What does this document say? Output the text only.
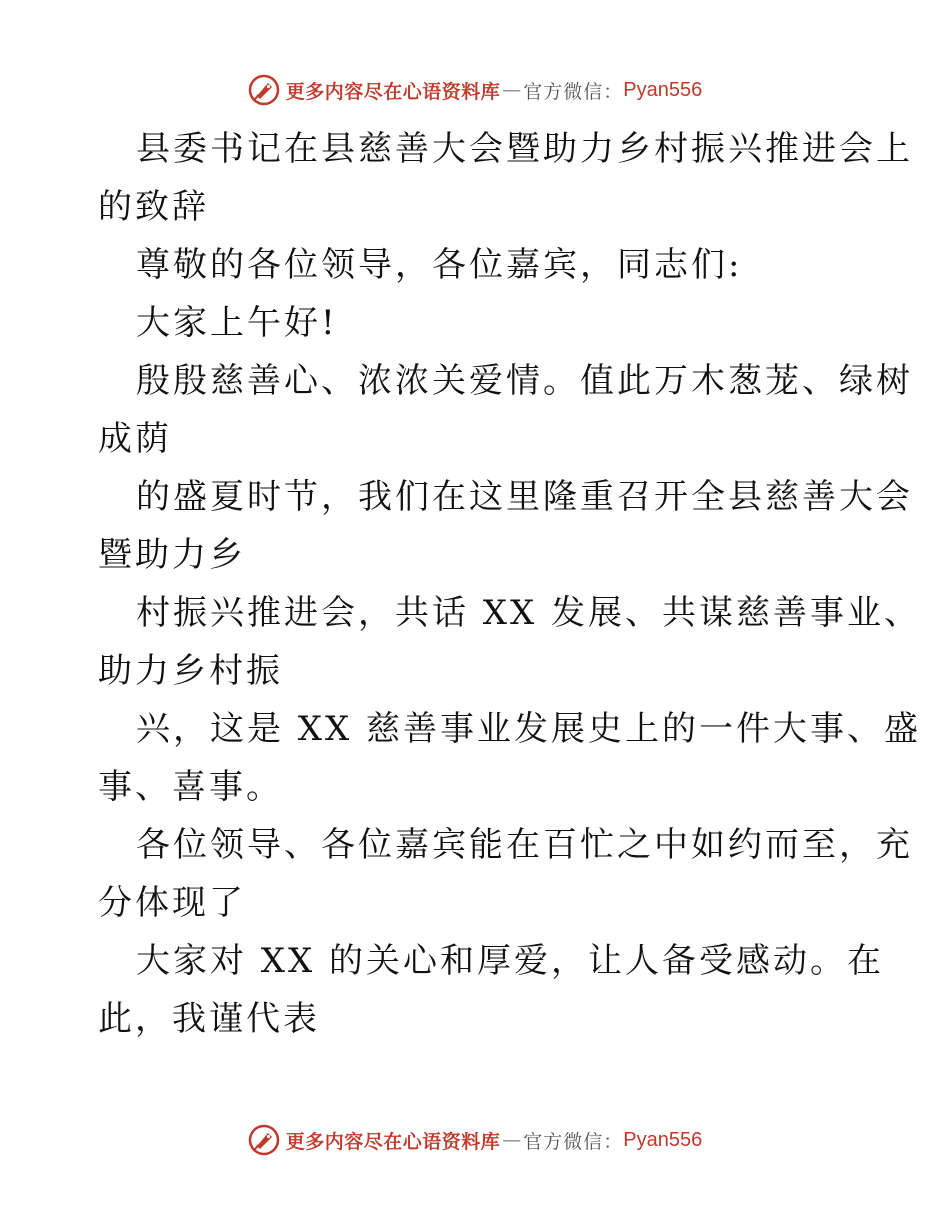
更多内容尽在心语资料库 — 官方微信： Pyan556
县委书记在县慈善大会暨助力乡村振兴推进会上
的致辞
尊敬的各位领导，各位嘉宾，同志们:
大家上午好!
殷殷慈善心、浓浓关爱情。值此万木葱茏、绿树
成荫
的盛夏时节，我们在这里隆重召开全县慈善大会
暨助力乡
村振兴推进会，共话 XX 发展、共谋慈善事业、
助力乡村振
兴，这是 XX 慈善事业发展史上的一件大事、盛
事、喜事。
各位领导、各位嘉宾能在百忙之中如约而至，充
分体现了
大家对 XX 的关心和厚爱，让人备受感动。在
此，我谨代表
更多内容尽在心语资料库 — 官方微信： Pyan556
